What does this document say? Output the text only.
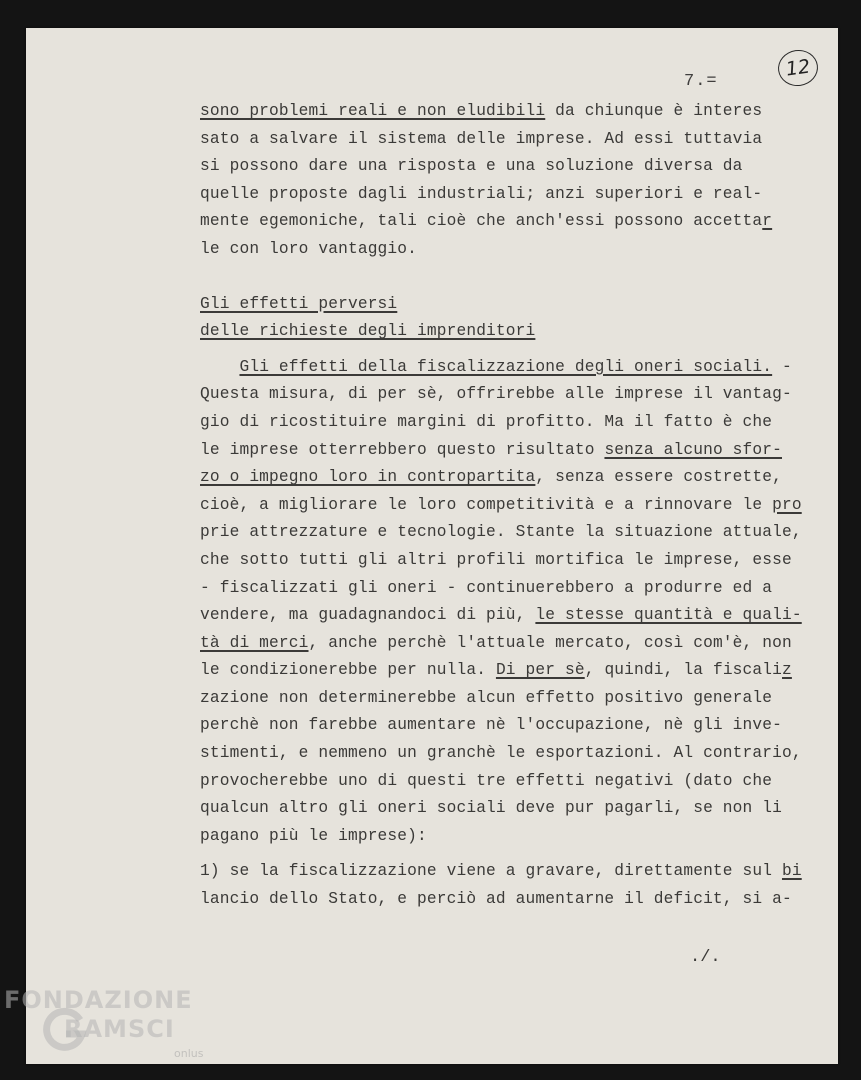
7.=
12
sono problemi reali e non eludibili da chiunque è interes
sato a salvare il sistema delle imprese. Ad essi tuttavia
si possono dare una risposta e una soluzione diversa da
quelle proposte dagli industriali; anzi superiori e real-
mente egemoniche, tali cioè che anch'essi possono accettar
le con loro vantaggio.
Gli effetti perversi
delle richieste degli imprenditori
Gli effetti della fiscalizzazione degli oneri sociali. -
Questa misura, di per sè, offrirebbe alle imprese il vantag-
gio di ricostituire margini di profitto. Ma il fatto è che
le imprese otterrebbero questo risultato senza alcuno sfor-
zo o impegno loro in contropartita, senza essere costrette,
cioè, a migliorare le loro competitività e a rinnovare le pro
prie attrezzature e tecnologie. Stante la situazione attuale,
che sotto tutti gli altri profili mortifica le imprese, esse
- fiscalizzati gli oneri - continuerebbero a produrre ed a
vendere, ma guadagnandoci di più, le stesse quantità e quali-
tà di merci, anche perchè l'attuale mercato, così com'è, non
le condizionerebbe per nulla. Di per sè, quindi, la fiscaliz
zazione non determinerebbe alcun effetto positivo generale
perchè non farebbe aumentare nè l'occupazione, nè gli inve-
stimenti, e nemmeno un granchè le esportazioni. Al contrario,
provocherebbe uno di questi tre effetti negativi (dato che
qualcun altro gli oneri sociali deve pur pagarli, se non li
pagano più le imprese):
1) se la fiscalizzazione viene a gravare, direttamente sul bi
lancio dello Stato, e perciò ad aumentarne il deficit, si a-
./.
FONDAZIONE
RAMSCI
onlus
